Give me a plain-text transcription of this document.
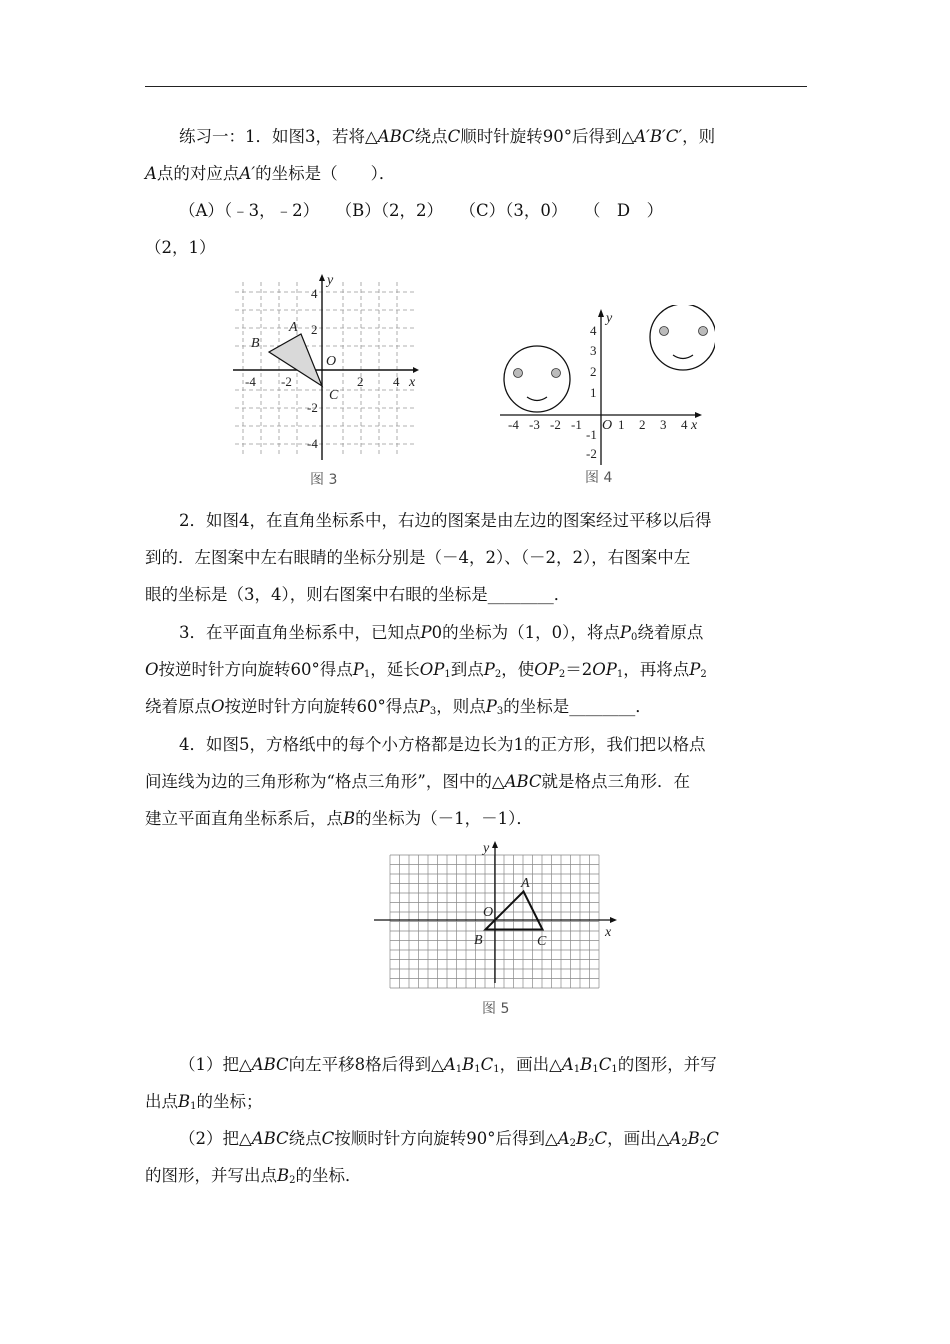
练习一：1．如图3，若将△ABC绕点C顺时针旋转90°后得到△A′B′C′，则
A点的对应点A′的坐标是（　　）．
（A）（﹣3，﹣2）　　（B）（2，2）　　（C）（3，0）　　（　D　）
（2，1）
y
x
O
A
B
C
-4 -2	2 4
4
2
-2
-4
图 3
-4 -3 -2 -1 O 1 2 3 4 x
y
4
3
2
1
-1
-2
图 4
2．如图4，在直角坐标系中，右边的图案是由左边的图案经过平移以后得
到的．左图案中左右眼睛的坐标分别是（－4，2）、（－2，2），右图案中左
眼的坐标是（3，4），则右图案中右眼的坐标是________．
3．在平面直角坐标系中，已知点P0的坐标为（1，0），将点$P_0$绕着原点
O按逆时针方向旋转60°得点$P_1$，延长$OP_1$到点$P_2$，使$OP_2=2OP_1$，再将点$P_2$
绕着原点O按逆时针方向旋转60°得点$P_3$，则点$P_3$的坐标是________．
4．如图5，方格纸中的每个小方格都是边长为1的正方形，我们把以格点
间连线为边的三角形称为“格点三角形”，图中的△ABC就是格点三角形．在
建立平面直角坐标系后，点B的坐标为（－1，－1）．
y
x
O
A
B	C
图 5
（1）把△ABC向左平移8格后得到$\triangle A_1B_1C_1$，画出$\triangle A_1B_1C_1$的图形，并写
出点$B_1$的坐标；
（2）把△ABC绕点C按顺时针方向旋转90°后得到$\triangle A_2B_2C$，画出$\triangle A_2B_2C$
的图形，并写出点$B_2$的坐标．
